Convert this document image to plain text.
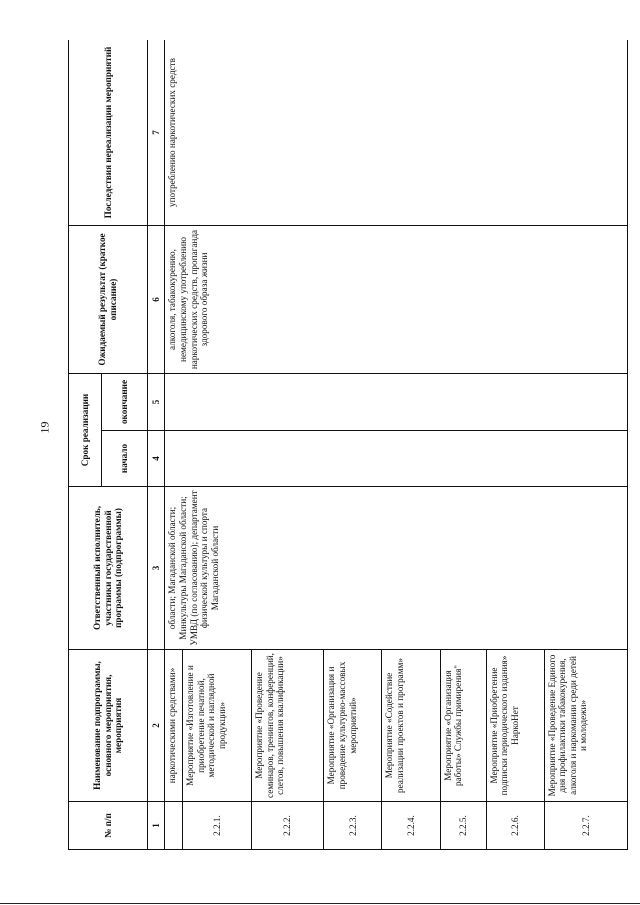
19
№ п/п	Наименование подпрограммы, основного мероприятия, мероприятия	Ответственный исполнитель, участники государственной программы (подпрограммы)	Срок реализации		Ожидаемый результат (краткое описание)	Последствия нереализации мероприятий
			начало	окончание		
1	2	3	4	5	6	7
	наркотическими средствами»	области; Магаданской области; Минкультуры Магаданской области; УМВД (по согласованию); департамент физической культуры и спорта Магаданской области			алкоголя, табакокурению, немедицинскому употреблению наркотических средств, пропаганда здорового образа жизни	употреблению наркотических средств
2.2.1.	Мероприятие «Изготовление и приобретение печатной, методической и наглядной продукции»					
2.2.2.	Мероприятие «Проведение семинаров, тренингов, конференций, слетов, повышения квалификации»					
2.2.3.	Мероприятие «Организация и проведение культурно-массовых мероприятий»					
2.2.4.	Мероприятие «Содействие реализации проектов и программ»					
2.2.5.	Мероприятие «Организация работы» Службы примирения"					
2.2.6.	Мероприятие «Приобретение подписки периодического издания» НаркоНет					
2.2.7.	Мероприятие «Проведение Единого дня профилактики табакокурения, алкоголя и наркомании среди детей и молодежи»					
